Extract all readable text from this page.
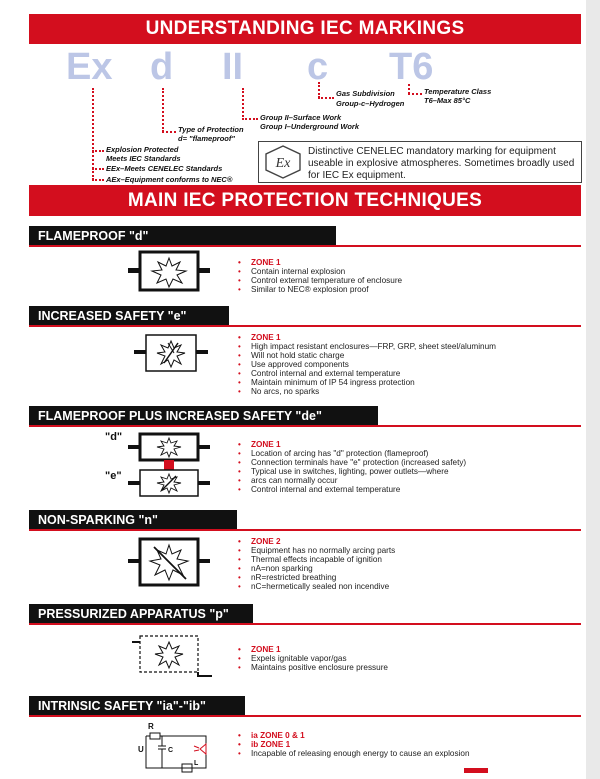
UNDERSTANDING IEC MARKINGS
Ex d II c T6
Explosion Protected
Meets IEC Standards
EEx–Meets CENELEC Standards
AEx–Equipment conforms to NEC®
Type of Protection
d= "flameproof"
Group II–Surface Work
Group I–Underground Work
Gas Subdivision
Group-c–Hydrogen
Temperature Class
T6–Max 85°C
Ex
Distinctive CENELEC mandatory marking for equipment useable in explosive atmospheres. Sometimes broadly used for IEC Ex equipment.
MAIN IEC PROTECTION TECHNIQUES
FLAMEPROOF "d"
• ZONE 1
• Contain internal explosion
• Control external temperature of enclosure
• Similar to NEC® explosion proof
INCREASED SAFETY "e"
• ZONE 1
• High impact resistant enclosures—FRP, GRP, sheet steel/aluminum
• Will not hold static charge
• Use approved components
• Control internal and external temperature
• Maintain minimum of IP 54 ingress protection
• No arcs, no sparks
FLAMEPROOF PLUS INCREASED SAFETY "de"
"d"
"e"
• ZONE 1
• Location of arcing has "d" protection (flameproof)
• Connection terminals have "e" protection (increased safety)
• Typical use in switches, lighting, power outlets—where
• arcs can normally occur
• Control internal and external temperature
NON-SPARKING "n"
• ZONE 2
• Equipment has no normally arcing parts
• Thermal effects incapable of ignition
• nA=non sparking
• nR=restricted breathing
• nC=hermetically sealed non incendive
PRESSURIZED APPARATUS "p"
• ZONE 1
• Expels ignitable vapor/gas
• Maintains positive enclosure pressure
INTRINSIC SAFETY "ia"-"ib"
R
U	C
L
• ia ZONE 0 & 1
• ib ZONE 1
• Incapable of releasing enough energy to cause an explosion
